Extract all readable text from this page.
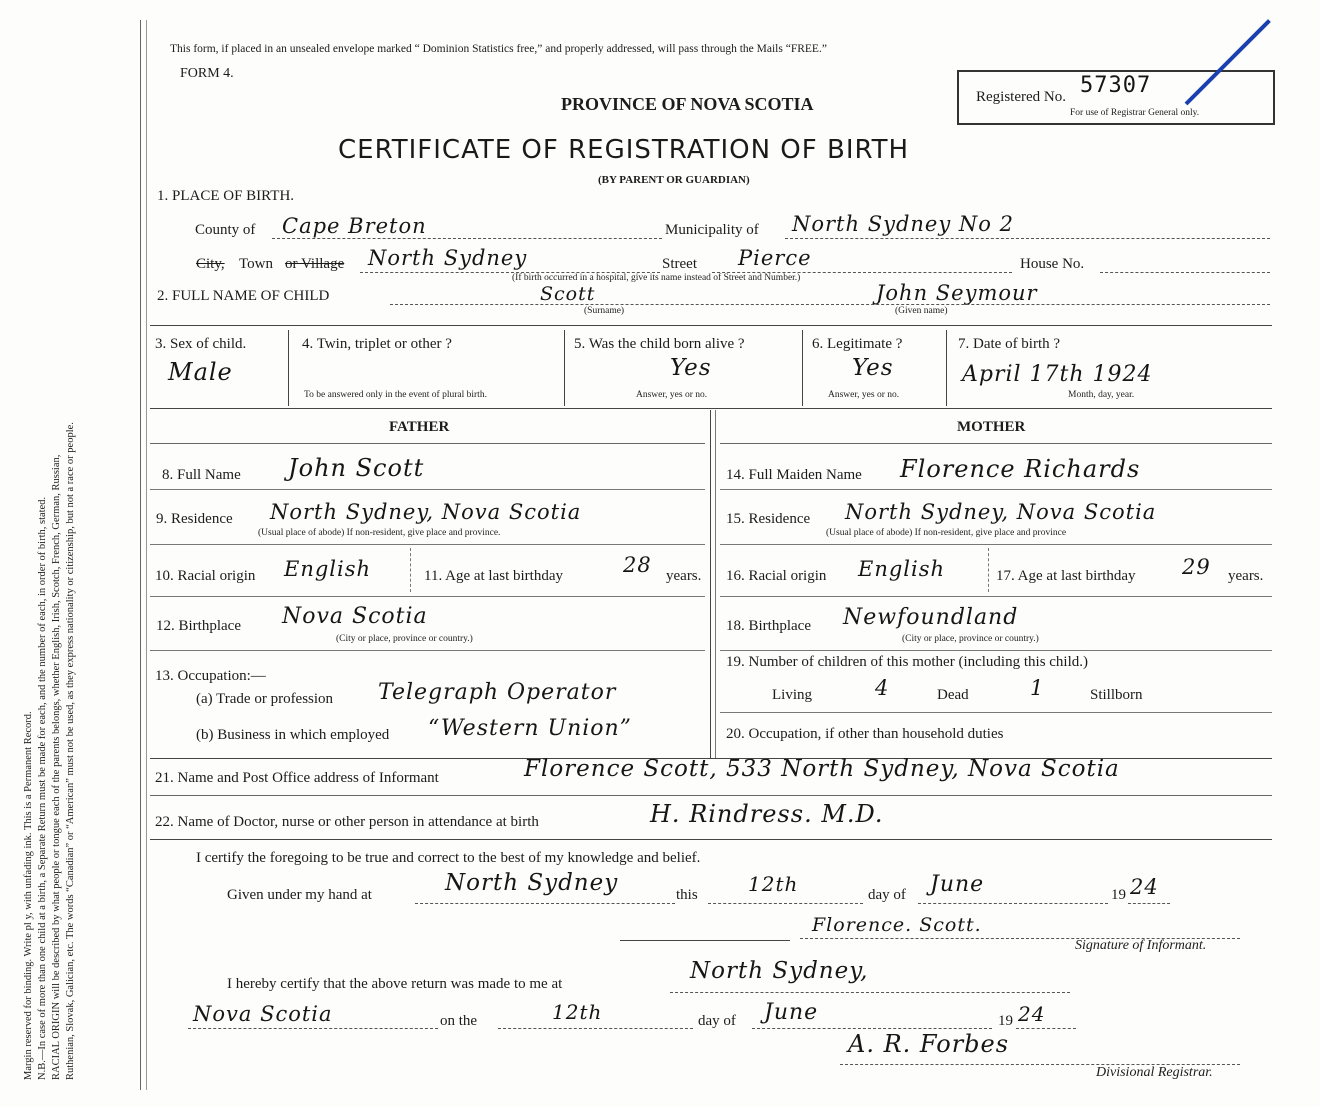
Margin reserved for binding. Write pl y, with unfading ink. This is a Permanent Record. N.B.—In case of more than one child at a birth, a Separate Return must be made for each, and the number of each, in order of birth, stated. RACIAL ORIGIN will be described by what people or tongue each of the parents belongs, whether English, Irish, Scotch, French, German, Russian, Ruthenian, Slovak, Galician, etc. The words “Canadian” or “American” must not be used, as they express nationality or citizenship, but not a race or people.
This form, if placed in an unsealed envelope marked “ Dominion Statistics free,” and properly addressed, will pass through the Mails “FREE.”
FORM 4.
PROVINCE OF NOVA SCOTIA
CERTIFICATE OF REGISTRATION OF BIRTH
(BY PARENT OR GUARDIAN)
Registered No. 57307
For use of Registrar General only.
1. PLACE OF BIRTH.
County of Cape Breton	Municipality of North Sydney No 2
City, Town or Village North Sydney	Street Pierce	House No.
(If birth occurred in a hospital, give its name instead of Street and Number.)
2. FULL NAME OF CHILD	Scott	John Seymour
(Surname)	(Given name)
3. Sex of child.
Male
4. Twin, triplet or other ?
To be answered only in the event of plural birth.
5. Was the child born alive ?
Yes
Answer, yes or no.
6. Legitimate ?
Yes
Answer, yes or no.
7. Date of birth ?
April 17th 1924
Month, day, year.
FATHER	MOTHER
8. Full Name John Scott
9. Residence North Sydney, Nova Scotia
(Usual place of abode) If non-resident, give place and province.
10. Racial origin English	11. Age at last birthday	28 years.
12. Birthplace Nova Scotia
(City or place, province or country.)
13. Occupation:—
(a) Trade or profession Telegraph Operator
(b) Business in which employed “Western Union”
14. Full Maiden Name Florence Richards
15. Residence North Sydney, Nova Scotia
(Usual place of abode) If non-resident, give place and province
16. Racial origin English	17. Age at last birthday 29 years.
18. Birthplace Newfoundland
(City or place, province or country.)
19. Number of children of this mother (including this child.)
Living	4	Dead	1	Stillborn
20. Occupation, if other than household duties
21. Name and Post Office address of Informant	Florence Scott, 533 North Sydney, Nova Scotia
22. Name of Doctor, nurse or other person in attendance at birth	H. Rindress. M.D.
I certify the foregoing to be true and correct to the best of my knowledge and belief.
Given under my hand at	North Sydney	this	12th	day of June	19 24
Florence. Scott.
Signature of Informant.
I hereby certify that the above return was made to me at	North Sydney,
Nova Scotia	on the	12th	day of June	19 24
A. R. Forbes
Divisional Registrar.
